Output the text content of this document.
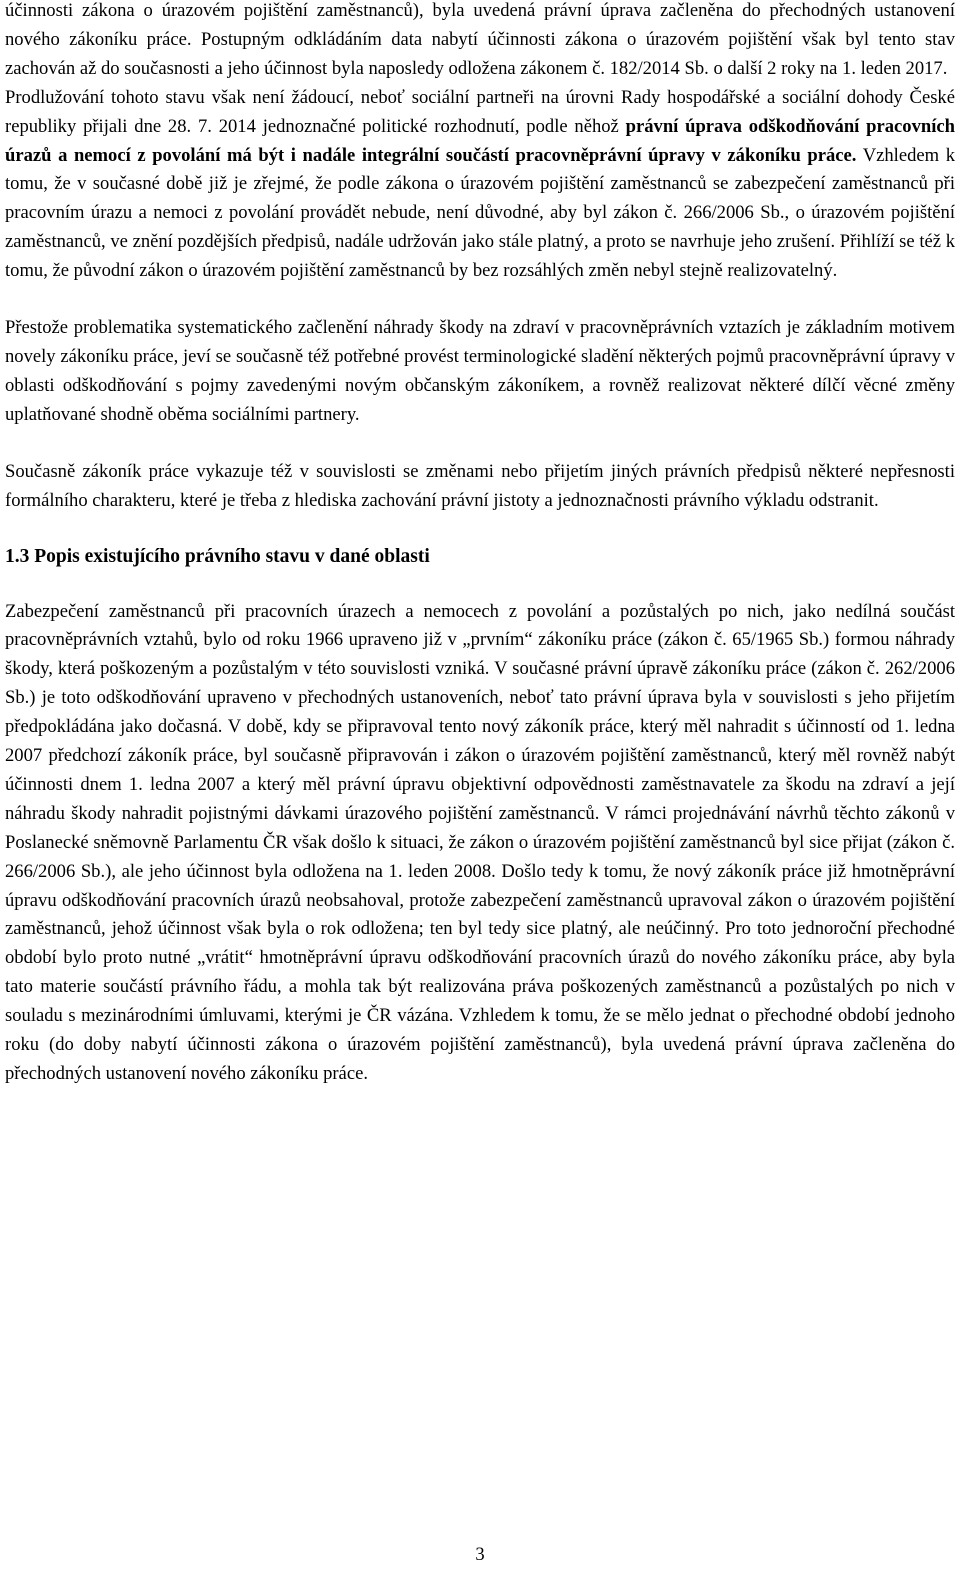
účinnosti zákona o úrazovém pojištění zaměstnanců), byla uvedená právní úprava začleněna do přechodných ustanovení nového zákoníku práce. Postupným odkládáním data nabytí účinnosti zákona o úrazovém pojištění však byl tento stav zachován až do současnosti a jeho účinnost byla naposledy odložena zákonem č. 182/2014 Sb. o další 2 roky na 1. leden 2017.

Prodlužování tohoto stavu však není žádoucí, neboť sociální partneři na úrovni Rady hospodářské a sociální dohody České republiky přijali dne 28. 7. 2014 jednoznačné politické rozhodnutí, podle něhož právní úprava odškodňování pracovních úrazů a nemocí z povolání má být i nadále integrální součástí pracovněprávní úpravy v zákoníku práce. Vzhledem k tomu, že v současné době již je zřejmé, že podle zákona o úrazovém pojištění zaměstnanců se zabezpečení zaměstnanců při pracovním úrazu a nemoci z povolání provádět nebude, není důvodné, aby byl zákon č. 266/2006 Sb., o úrazovém pojištění zaměstnanců, ve znění pozdějších předpisů, nadále udržován jako stále platný, a proto se navrhuje jeho zrušení. Přihlíží se též k tomu, že původní zákon o úrazovém pojištění zaměstnanců by bez rozsáhlých změn nebyl stejně realizovatelný.

Přestože problematika systematického začlenění náhrady škody na zdraví v pracovněprávních vztazích je základním motivem novely zákoníku práce, jeví se současně též potřebné provést terminologické sladění některých pojmů pracovněprávní úpravy v oblasti odškodňování s pojmy zavedenými novým občanským zákoníkem, a rovněž realizovat některé dílčí věcné změny uplatňované shodně oběma sociálními partnery.

Současně zákoník práce vykazuje též v souvislosti se změnami nebo přijetím jiných právních předpisů některé nepřesnosti formálního charakteru, které je třeba z hlediska zachování právní jistoty a jednoznačnosti právního výkladu odstranit.

1.3 Popis existujícího právního stavu v dané oblasti

Zabezpečení zaměstnanců při pracovních úrazech a nemocech z povolání a pozůstalých po nich, jako nedílná součást pracovněprávních vztahů, bylo od roku 1966 upraveno již v „prvním“ zákoníku práce (zákon č. 65/1965 Sb.) formou náhrady škody, která poškozeným a pozůstalým v této souvislosti vzniká. V současné právní úpravě zákoníku práce (zákon č. 262/2006 Sb.) je toto odškodňování upraveno v přechodných ustanoveních, neboť tato právní úprava byla v souvislosti s jeho přijetím předpokládána jako dočasná. V době, kdy se připravoval tento nový zákoník práce, který měl nahradit s účinností od 1. ledna 2007 předchozí zákoník práce, byl současně připravován i zákon o úrazovém pojištění zaměstnanců, který měl rovněž nabýt účinnosti dnem 1. ledna 2007 a který měl právní úpravu objektivní odpovědnosti zaměstnavatele za škodu na zdraví a její náhradu škody nahradit pojistnými dávkami úrazového pojištění zaměstnanců. V rámci projednávání návrhů těchto zákonů v Poslanecké sněmovně Parlamentu ČR však došlo k situaci, že zákon o úrazovém pojištění zaměstnanců byl sice přijat (zákon č. 266/2006 Sb.), ale jeho účinnost byla odložena na 1. leden 2008. Došlo tedy k tomu, že nový zákoník práce již hmotněprávní úpravu odškodňování pracovních úrazů neobsahoval, protože zabezpečení zaměstnanců upravoval zákon o úrazovém pojištění zaměstnanců, jehož účinnost však byla o rok odložena; ten byl tedy sice platný, ale neúčinný. Pro toto jednoroční přechodné období bylo proto nutné „vrátit“ hmotněprávní úpravu odškodňování pracovních úrazů do nového zákoníku práce, aby byla tato materie součástí právního řádu, a mohla tak být realizována práva poškozených zaměstnanců a pozůstalých po nich v souladu s mezinárodními úmluvami, kterými je ČR vázána. Vzhledem k tomu, že se mělo jednat o přechodné období jednoho roku (do doby nabytí účinnosti zákona o úrazovém pojištění zaměstnanců), byla uvedená právní úprava začleněna do přechodných ustanovení nového zákoníku práce.

3
